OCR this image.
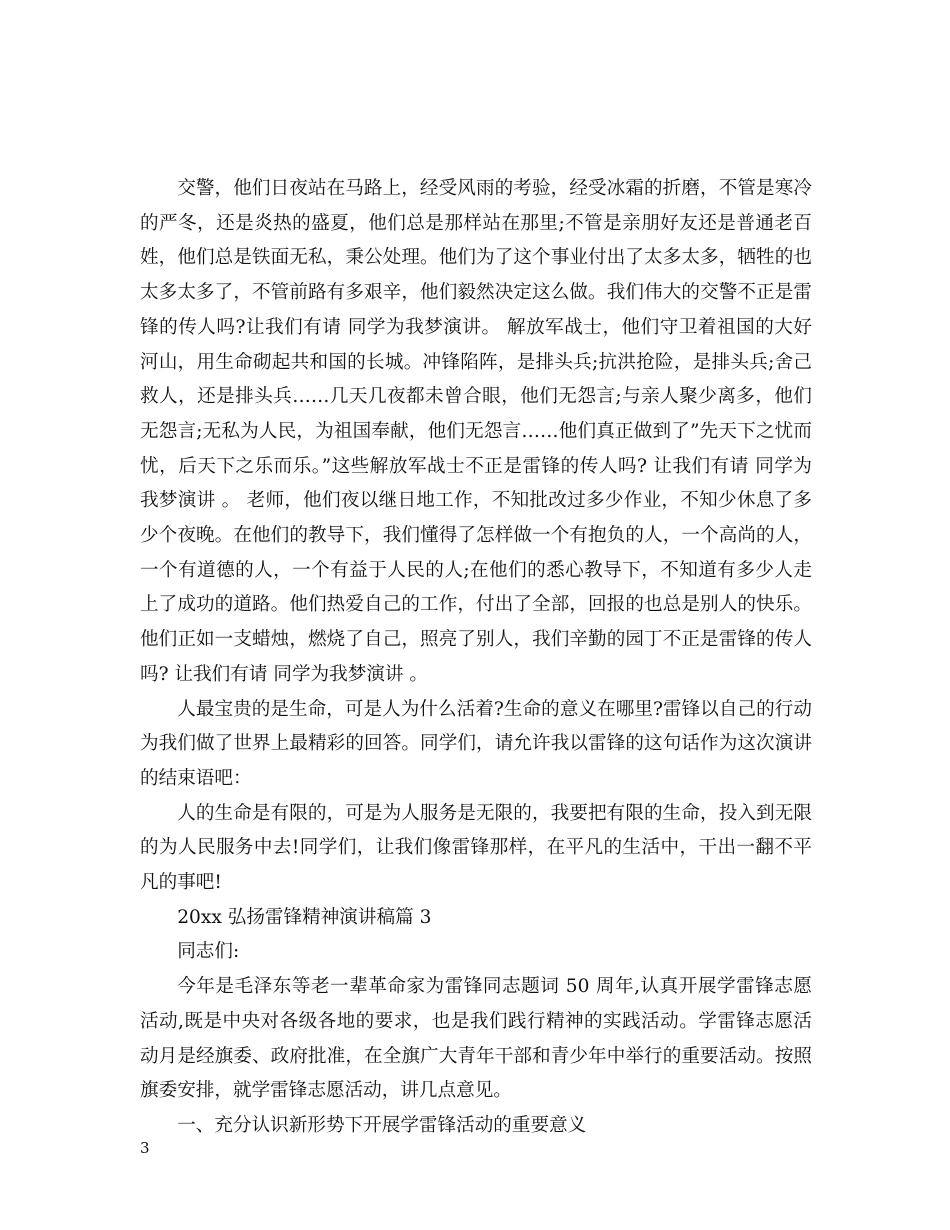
交警，他们日夜站在马路上，经受风雨的考验，经受冰霜的折磨，不管是寒冷的严冬，还是炎热的盛夏，他们总是那样站在那里;不管是亲朋好友还是普通老百姓，他们总是铁面无私，秉公处理。他们为了这个事业付出了太多太多，牺牲的也太多太多了，不管前路有多艰辛，他们毅然决定这么做。我们伟大的交警不正是雷锋的传人吗?让我们有请 同学为我梦演讲。 解放军战士，他们守卫着祖国的大好河山，用生命砌起共和国的长城。冲锋陷阵，是排头兵;抗洪抢险，是排头兵;舍己救人，还是排头兵……几天几夜都未曾合眼，他们无怨言;与亲人聚少离多，他们无怨言;无私为人民，为祖国奉献，他们无怨言……他们真正做到了”先天下之忧而忧，后天下之乐而乐。”这些解放军战士不正是雷锋的传人吗? 让我们有请 同学为我梦演讲 。 老师，他们夜以继日地工作，不知批改过多少作业，不知少休息了多少个夜晚。在他们的教导下，我们懂得了怎样做一个有抱负的人，一个高尚的人，一个有道德的人，一个有益于人民的人;在他们的悉心教导下，不知道有多少人走上了成功的道路。他们热爱自己的工作，付出了全部，回报的也总是别人的快乐。他们正如一支蜡烛，燃烧了自己，照亮了别人，我们辛勤的园丁不正是雷锋的传人吗? 让我们有请 同学为我梦演讲 。

人最宝贵的是生命，可是人为什么活着?生命的意义在哪里?雷锋以自己的行动为我们做了世界上最精彩的回答。同学们，请允许我以雷锋的这句话作为这次演讲的结束语吧：

人的生命是有限的，可是为人服务是无限的，我要把有限的生命，投入到无限的为人民服务中去!同学们，让我们像雷锋那样，在平凡的生活中，干出一翻不平凡的事吧!

20xx 弘扬雷锋精神演讲稿篇 3

同志们:

今年是毛泽东等老一辈革命家为雷锋同志题词 50 周年,认真开展学雷锋志愿活动,既是中央对各级各地的要求，也是我们践行精神的实践活动。学雷锋志愿活动月是经旗委、政府批准，在全旗广大青年干部和青少年中举行的重要活动。按照旗委安排，就学雷锋志愿活动，讲几点意见。

一、充分认识新形势下开展学雷锋活动的重要意义

3
